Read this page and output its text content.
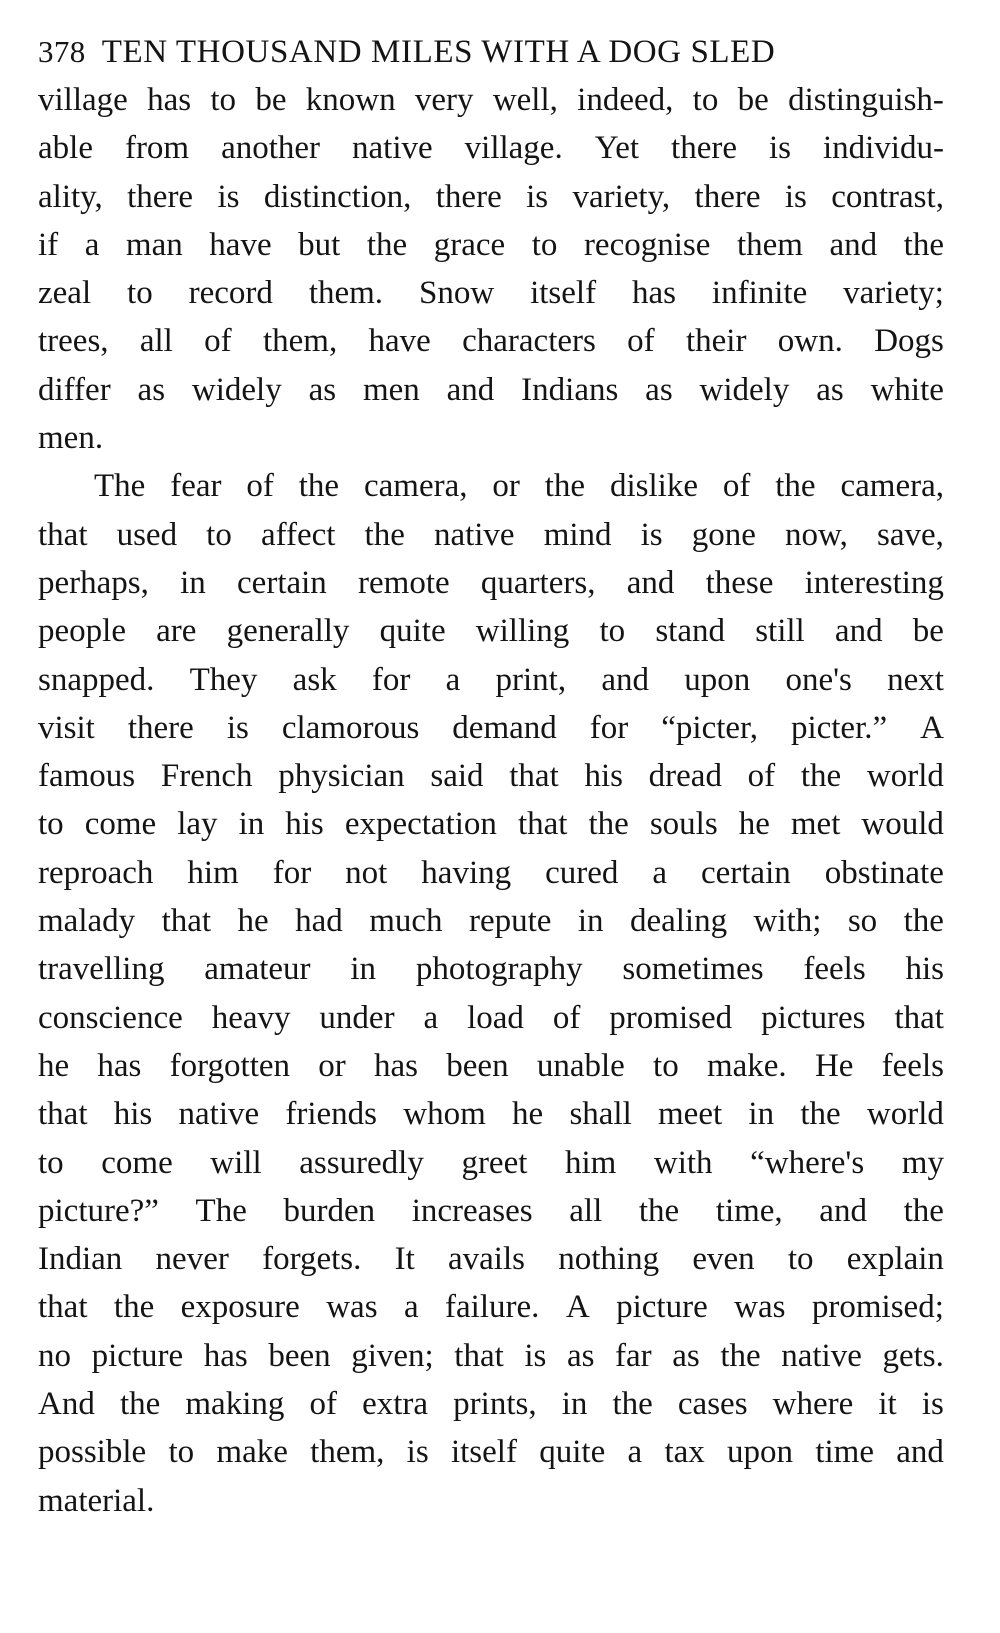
378 TEN THOUSAND MILES WITH A DOG SLED
village has to be known very well, indeed, to be distinguish-
able from another native village. Yet there is individu-
ality, there is distinction, there is variety, there is contrast,
if a man have but the grace to recognise them and the
zeal to record them. Snow itself has infinite variety;
trees, all of them, have characters of their own. Dogs
differ as widely as men and Indians as widely as white
men.
The fear of the camera, or the dislike of the camera,
that used to affect the native mind is gone now, save,
perhaps, in certain remote quarters, and these interesting
people are generally quite willing to stand still and be
snapped. They ask for a print, and upon one's next
visit there is clamorous demand for “picter, picter.” A
famous French physician said that his dread of the world
to come lay in his expectation that the souls he met would
reproach him for not having cured a certain obstinate
malady that he had much repute in dealing with; so the
travelling amateur in photography sometimes feels his
conscience heavy under a load of promised pictures that
he has forgotten or has been unable to make. He feels
that his native friends whom he shall meet in the world
to come will assuredly greet him with “where's my
picture?” The burden increases all the time, and the
Indian never forgets. It avails nothing even to explain
that the exposure was a failure. A picture was promised;
no picture has been given; that is as far as the native gets.
And the making of extra prints, in the cases where it is
possible to make them, is itself quite a tax upon time and
material.
